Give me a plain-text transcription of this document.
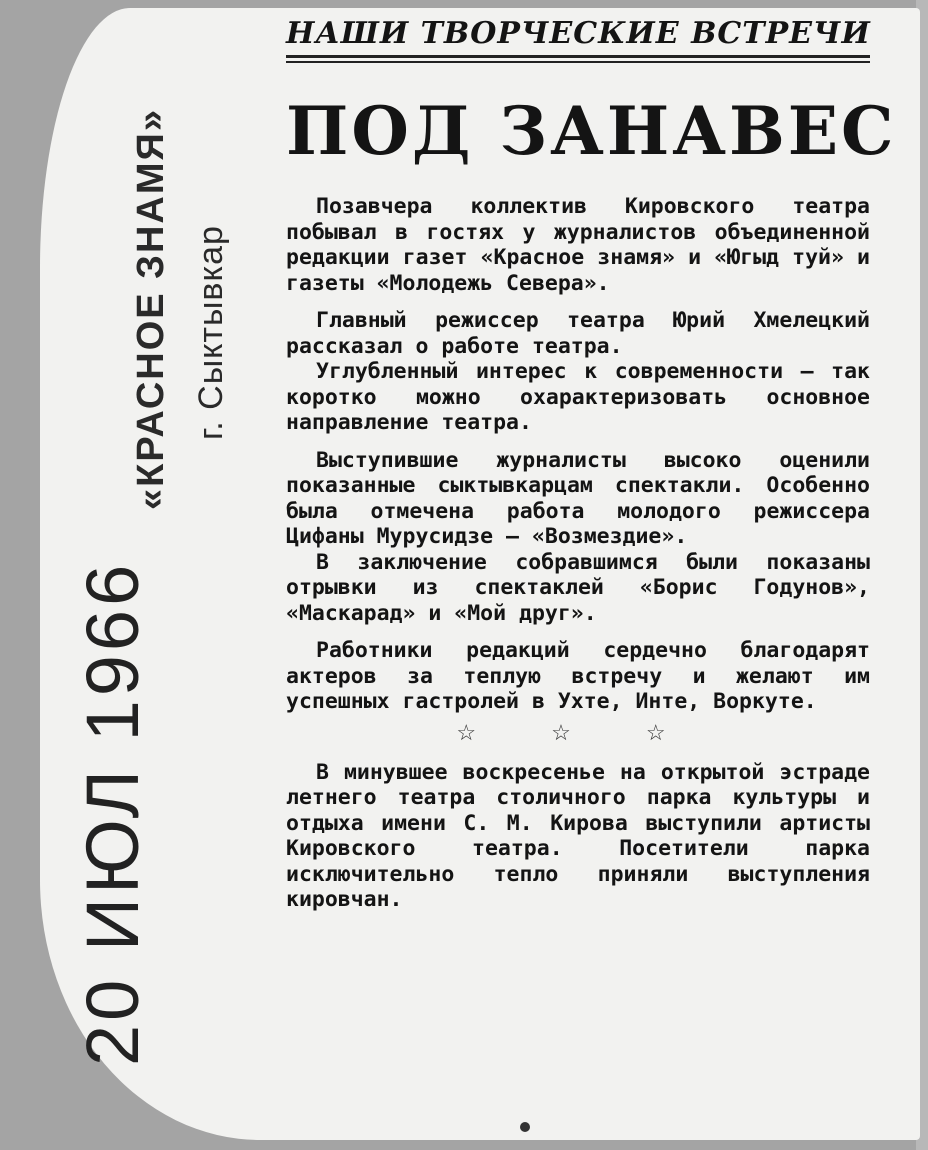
«КРАСНОЕ ЗНАМЯ» г. Сыктывкар
20 ИЮЛ 1966
НАШИ ТВОРЧЕСКИЕ ВСТРЕЧИ
ПОД ЗАНАВЕС

Позавчера коллектив Кировского театра побывал в гостях у журналистов объединенной редакции газет «Красное знамя» и «Югыд туй» и газеты «Молодежь Севера».

Главный режиссер театра Юрий Хмелецкий рассказал о работе театра.

Углубленный интерес к современности — так коротко можно охарактеризовать основное направление театра.

Выступившие журналисты высоко оценили показанные сыктывкарцам спектакли. Особенно была отмечена работа молодого режиссера Цифаны Мурусидзе — «Возмездие».

В заключение собравшимся были показаны отрывки из спектаклей «Борис Годунов», «Маскарад» и «Мой друг».

Работники редакций сердечно благодарят актеров за теплую встречу и желают им успешных гастролей в Ухте, Инте, Воркуте.

☆ ☆ ☆

В минувшее воскресенье на открытой эстраде летнего театра столичного парка культуры и отдыха имени С. М. Кирова выступили артисты Кировского театра. Посетители парка исключительно тепло приняли выступления кировчан.
